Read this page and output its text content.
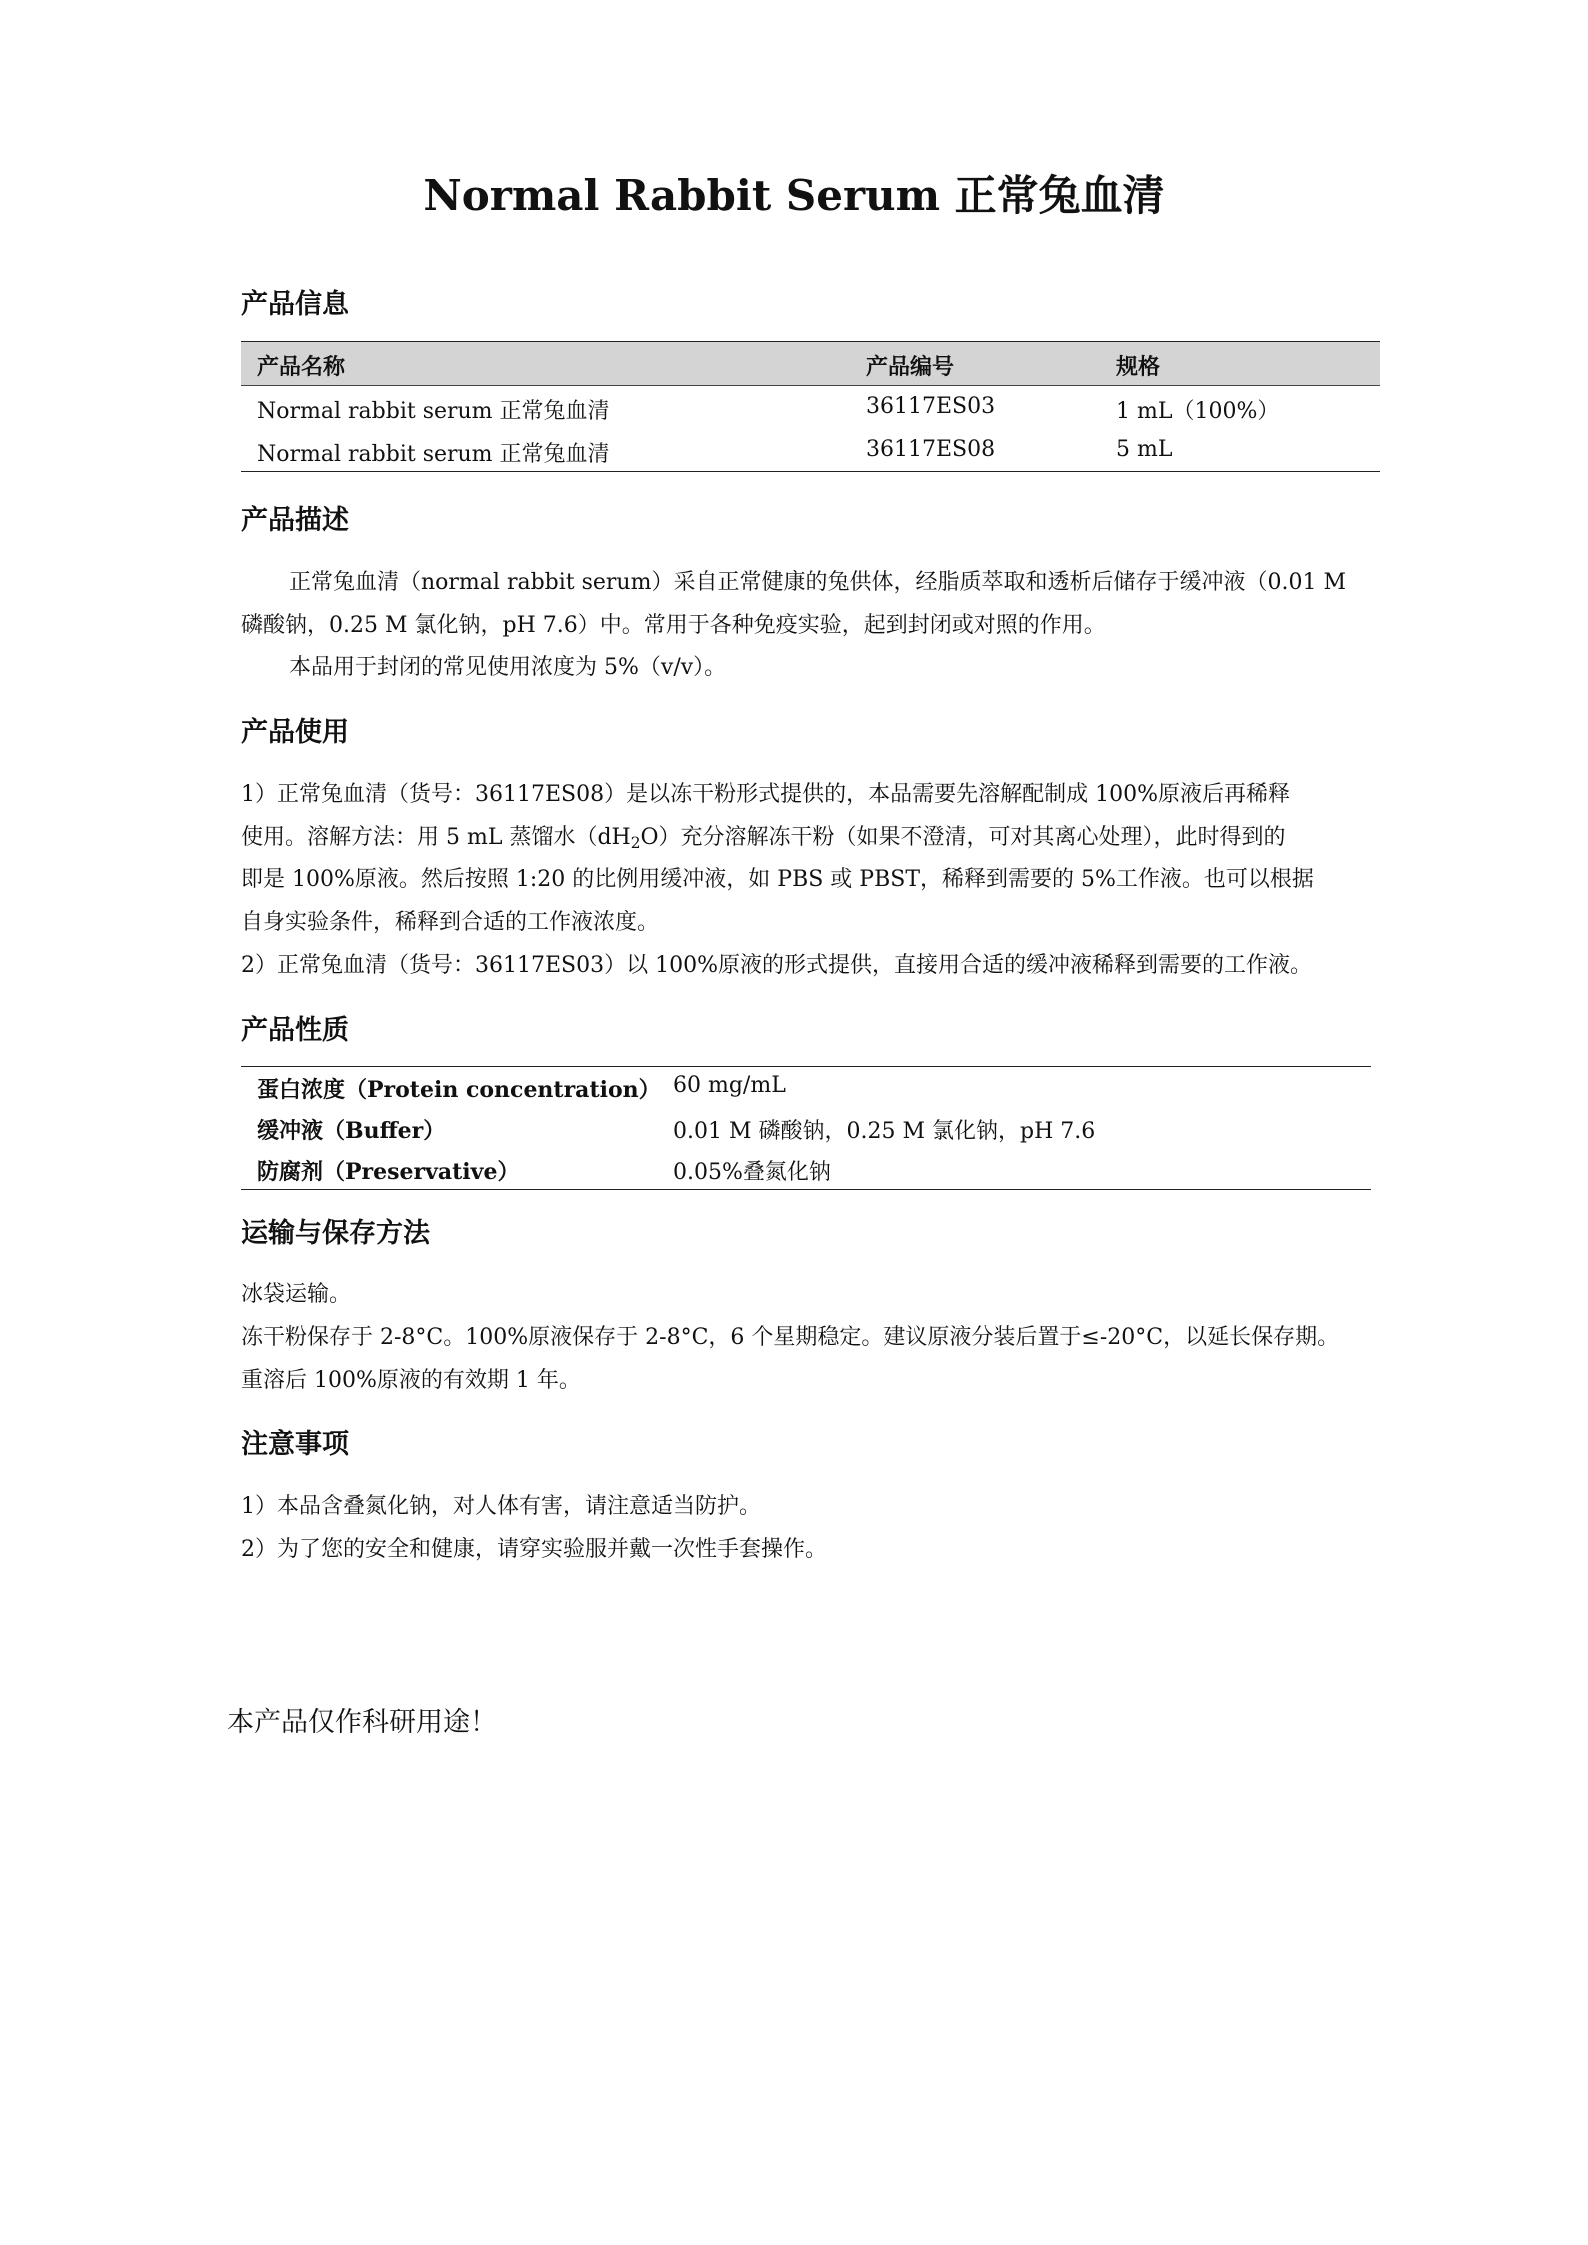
Normal Rabbit Serum 正常兔血清
产品信息
产品名称	产品编号	规格
Normal rabbit serum 正常兔血清	36117ES03	1 mL（100%）
Normal rabbit serum 正常兔血清	36117ES08	5 mL
产品描述
正常兔血清（normal rabbit serum）采自正常健康的兔供体，经脂质萃取和透析后储存于缓冲液（0.01 M
磷酸钠，0.25 M 氯化钠，pH 7.6）中。常用于各种免疫实验，起到封闭或对照的作用。
本品用于封闭的常见使用浓度为 5%（v/v）。
产品使用
1）正常兔血清（货号：36117ES08）是以冻干粉形式提供的，本品需要先溶解配制成 100%原液后再稀释
使用。溶解方法：用 5 mL 蒸馏水$(dH_2O)$充分溶解冻干粉（如果不澄清，可对其离心处理），此时得到的
即是 100%原液。然后按照 1:20 的比例用缓冲液，如 PBS 或 PBST，稀释到需要的 5%工作液。也可以根据
自身实验条件，稀释到合适的工作液浓度。
2）正常兔血清（货号：36117ES03）以 100%原液的形式提供，直接用合适的缓冲液稀释到需要的工作液。
产品性质
蛋白浓度（Protein concentration） 60 mg/mL
缓冲液（Buffer）	0.01 M 磷酸钠，0.25 M 氯化钠，pH 7.6
防腐剂（Preservative）	0.05%叠氮化钠
运输与保存方法
冰袋运输。
冻干粉保存于 2-8°C。100%原液保存于 2-8°C，6 个星期稳定。建议原液分装后置于≤-20°C，以延长保存期。
重溶后 100%原液的有效期 1 年。
注意事项
1）本品含叠氮化钠，对人体有害，请注意适当防护。
2）为了您的安全和健康，请穿实验服并戴一次性手套操作。
本产品仅作科研用途！
